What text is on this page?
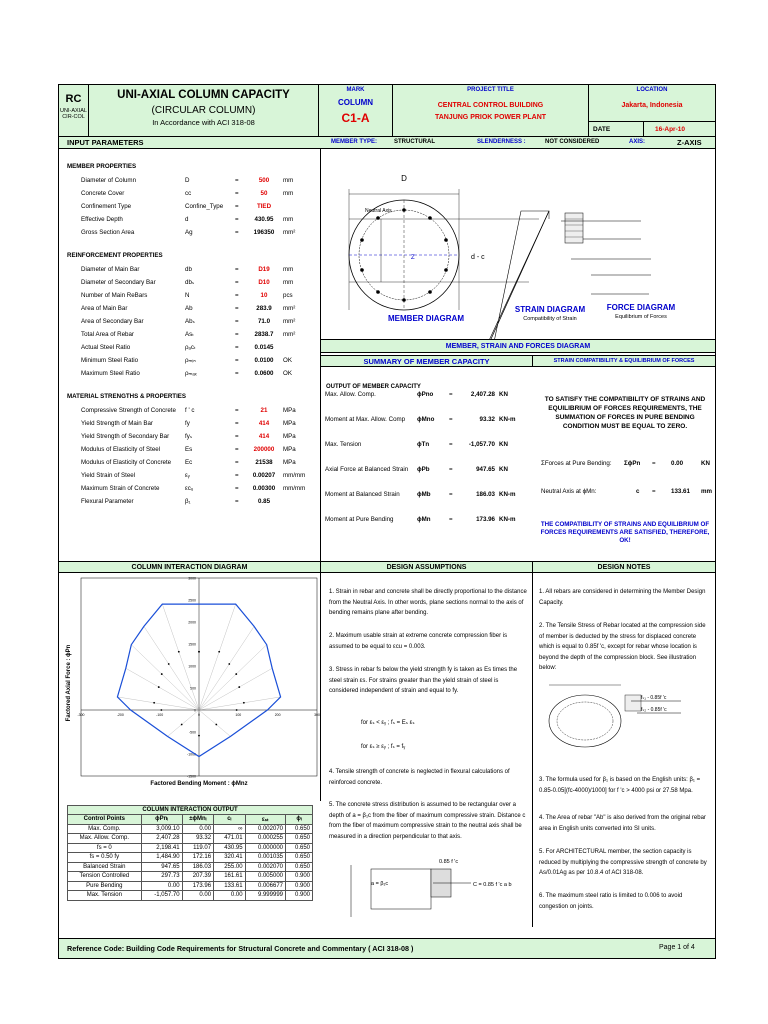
RC
UNI-AXIAL
CIR-COL
UNI-AXIAL COLUMN CAPACITY
(CIRCULAR COLUMN)
In Accordance with ACI 318-08
MARK
COLUMN
C1-A
PROJECT TITLE
CENTRAL CONTROL BUILDING
TANJUNG PRIOK POWER PLANT
LOCATION
Jakarta, Indonesia
DATE	16-Apr-10
INPUT PARAMETERS	MEMBER TYPE:	STRUCTURAL	SLENDERNESS :	NOT CONSIDERED	AXIS:	Z-AXIS
MEMBER PROPERTIES
Diameter of Column	D	=	500	mm
Concrete Cover	cc	=	50	mm
Confinement Type	Confine_Type =	TIED
Effective Depth	d	=	430.95	mm
Gross Section Area	Ag	=	196350	mm²
REINFORCEMENT PROPERTIES
Diameter of Main Bar	db	=	D19	mm
Diameter of Secondary Bar	dbₛ	=	D10	mm
Number of Main ReBars	N	=	10	pcs
Area of Main Bar	Ab	=	283.9	mm²
Area of Secondary Bar	Abₛ	=	71.0	mm²
Total Area of Rebar	Asₜ	=	2838.7	mm²
Actual Steel Ratio	ρₐcₜ	=	0.0145
Minimum Steel Ratio	ρₘᵢₙ	=	0.0100	OK
Maximum Steel Ratio	ρₘₐₓ	=	0.0600	OK
MATERIAL STRENGTHS & PROPERTIES
Compressive Strength of Concrete f ' c	=	21	MPa
Yield Strength of Main Bar	fy	=	414	MPa
Yield Strength of Secondary Bar	fyₛ	=	414	MPa
Modulus of Elasticity of Steel	Es	=	200000	MPa
Modulus of Elasticity of Concrete Ec	=	21538	MPa
Yield Strain of Steel	εᵧ	= 0.00207 mm/mm
Maximum Strain of Concrete	εcᵤ	= 0.00300 mm/mm
Flexural Parameter	β₁	=	0.85
D
Neutral Axis
Z	d - c
MEMBER DIAGRAM
STRAIN DIAGRAM
Compatibility of Strain
FORCE DIAGRAM
Equilibrium of Forces
MEMBER, STRAIN AND FORCES DIAGRAM
SUMMARY OF MEMBER CAPACITY	STRAIN COMPATIBILITY & EQUILIBRIUM OF FORCES
OUTPUT OF MEMBER CAPACITY
Max. Allow. Comp.	ϕPno	=	2,407.28 KN
Moment at Max. Allow. Comp ϕMno =	93.32 KN-m
Max. Tension	ϕTn	=	-1,057.70 KN
Axial Force at Balanced Strain ϕPb	=	947.65 KN
Moment at Balanced Strain	ϕMb	=	186.03 KN-m
Moment at Pure Bending	ϕMn	=	173.96 KN-m
TO SATISFY THE COMPATIBILITY OF STRAINS AND EQUILIBRIUM OF FORCES REQUIREMENTS, THE SUMMATION OF FORCES IN PURE BENDING CONDITION MUST BE EQUAL TO ZERO.
ΣForces at Pure Bending: ΣϕPn = 0.00	KN
Neutral Axis at ϕMn:	c = 133.61 mm
THE COMPATIBILITY OF STRAINS AND EQUILIBRIUM OF FORCES REQUIREMENTS ARE SATISFIED, THEREFORE, OK!
COLUMN INTERACTION DIAGRAM	DESIGN ASSUMPTIONS	DESIGN NOTES
Factored Axial Force : ϕPn
Factored Bending Moment : ϕMnz
3000
2500
2000
1500
1000
500
0
-500
-1000
-1500
-300	-200	-100	100	200	300
COLUMN INTERACTION OUTPUT
Control Points	ϕPnᵢ	±ϕMnᵢ	cᵢ	εₛₜ	ϕᵢ
Max. Comp.	3,009.10	0.00	∞	0.002070	0.650
Max. Allow. Comp.	2,407.28	93.32	471.01	0.000255	0.650
fs = 0	2,198.41	119.07	430.95	0.000000	0.650
fs = 0.50 fy	1,484.90	172.16	320.41	0.001035	0.650
Balanced Strain	947.65	186.03	255.00	0.002070	0.650
Tension Controlled	297.73	207.39	161.61	0.005000	0.900
Pure Bending	0.00	173.96	133.61	0.006677	0.900
Max. Tension	-1,057.70	0.00	0.00	9.999999	0.900
1. Strain in rebar and concrete shall be directly proportional to the distance from the Neutral Axis. In other words, plane sections normal to the axis of bending remains plane after bending.
2. Maximum usable strain at extreme concrete compression fiber is assumed to be equal to εcu = 0.003.
3. Stress in rebar fs below the yield strength fy is taken as Es times the steel strain εs. For strains greater than the yield strain of steel is considered independent of strain and equal to fy.
for εₛ < εᵧ ; fₛ = Eₛ εₛ
for εₛ ≥ εᵧ ; fₛ = fᵧ
4. Tensile strength of concrete is neglected in flexural calculations of reinforced concrete.
5. The concrete stress distribution is assumed to be rectangular over a depth of a = β₁c from the fiber of maximum compressive strain. Distance c from the fiber of maximum compressive strain to the neutral axis shall be measured in a direction perpendicular to that axis.
0.85 f 'c
a = β₁c	C = 0.85 f 'c a b
1. All rebars are considered in determining the Member Design Capacity.
2. The Tensile Stress of Rebar located at the compression side of member is deducted by the stress for displaced concrete which is equal to 0.85f 'c, except for rebar whose location is beyond the depth of the compression block. See illustration below:
fₛ₁ - 0.85f 'c
fₛ₂ - 0.85f 'c
3. The formula used for β₁ is based on the English units: β₁ = 0.85-0.05[(fc-4000)/1000] for f 'c > 4000 psi or 27.58 Mpa.
4. The Area of rebar "Ab" is also derived from the original rebar area in English units converted into SI units.
5. For ARCHITECTURAL member, the section capacity is reduced by multiplying the compressive strength of concrete by As/0.01Ag as per 10.8.4 of ACI 318-08.
6. The maximum steel ratio is limited to 0.006 to avoid congestion on joints.
Reference Code: Building Code Requirements for Structural Concrete and Commentary ( ACI 318-08 )	Page 1 of 4
